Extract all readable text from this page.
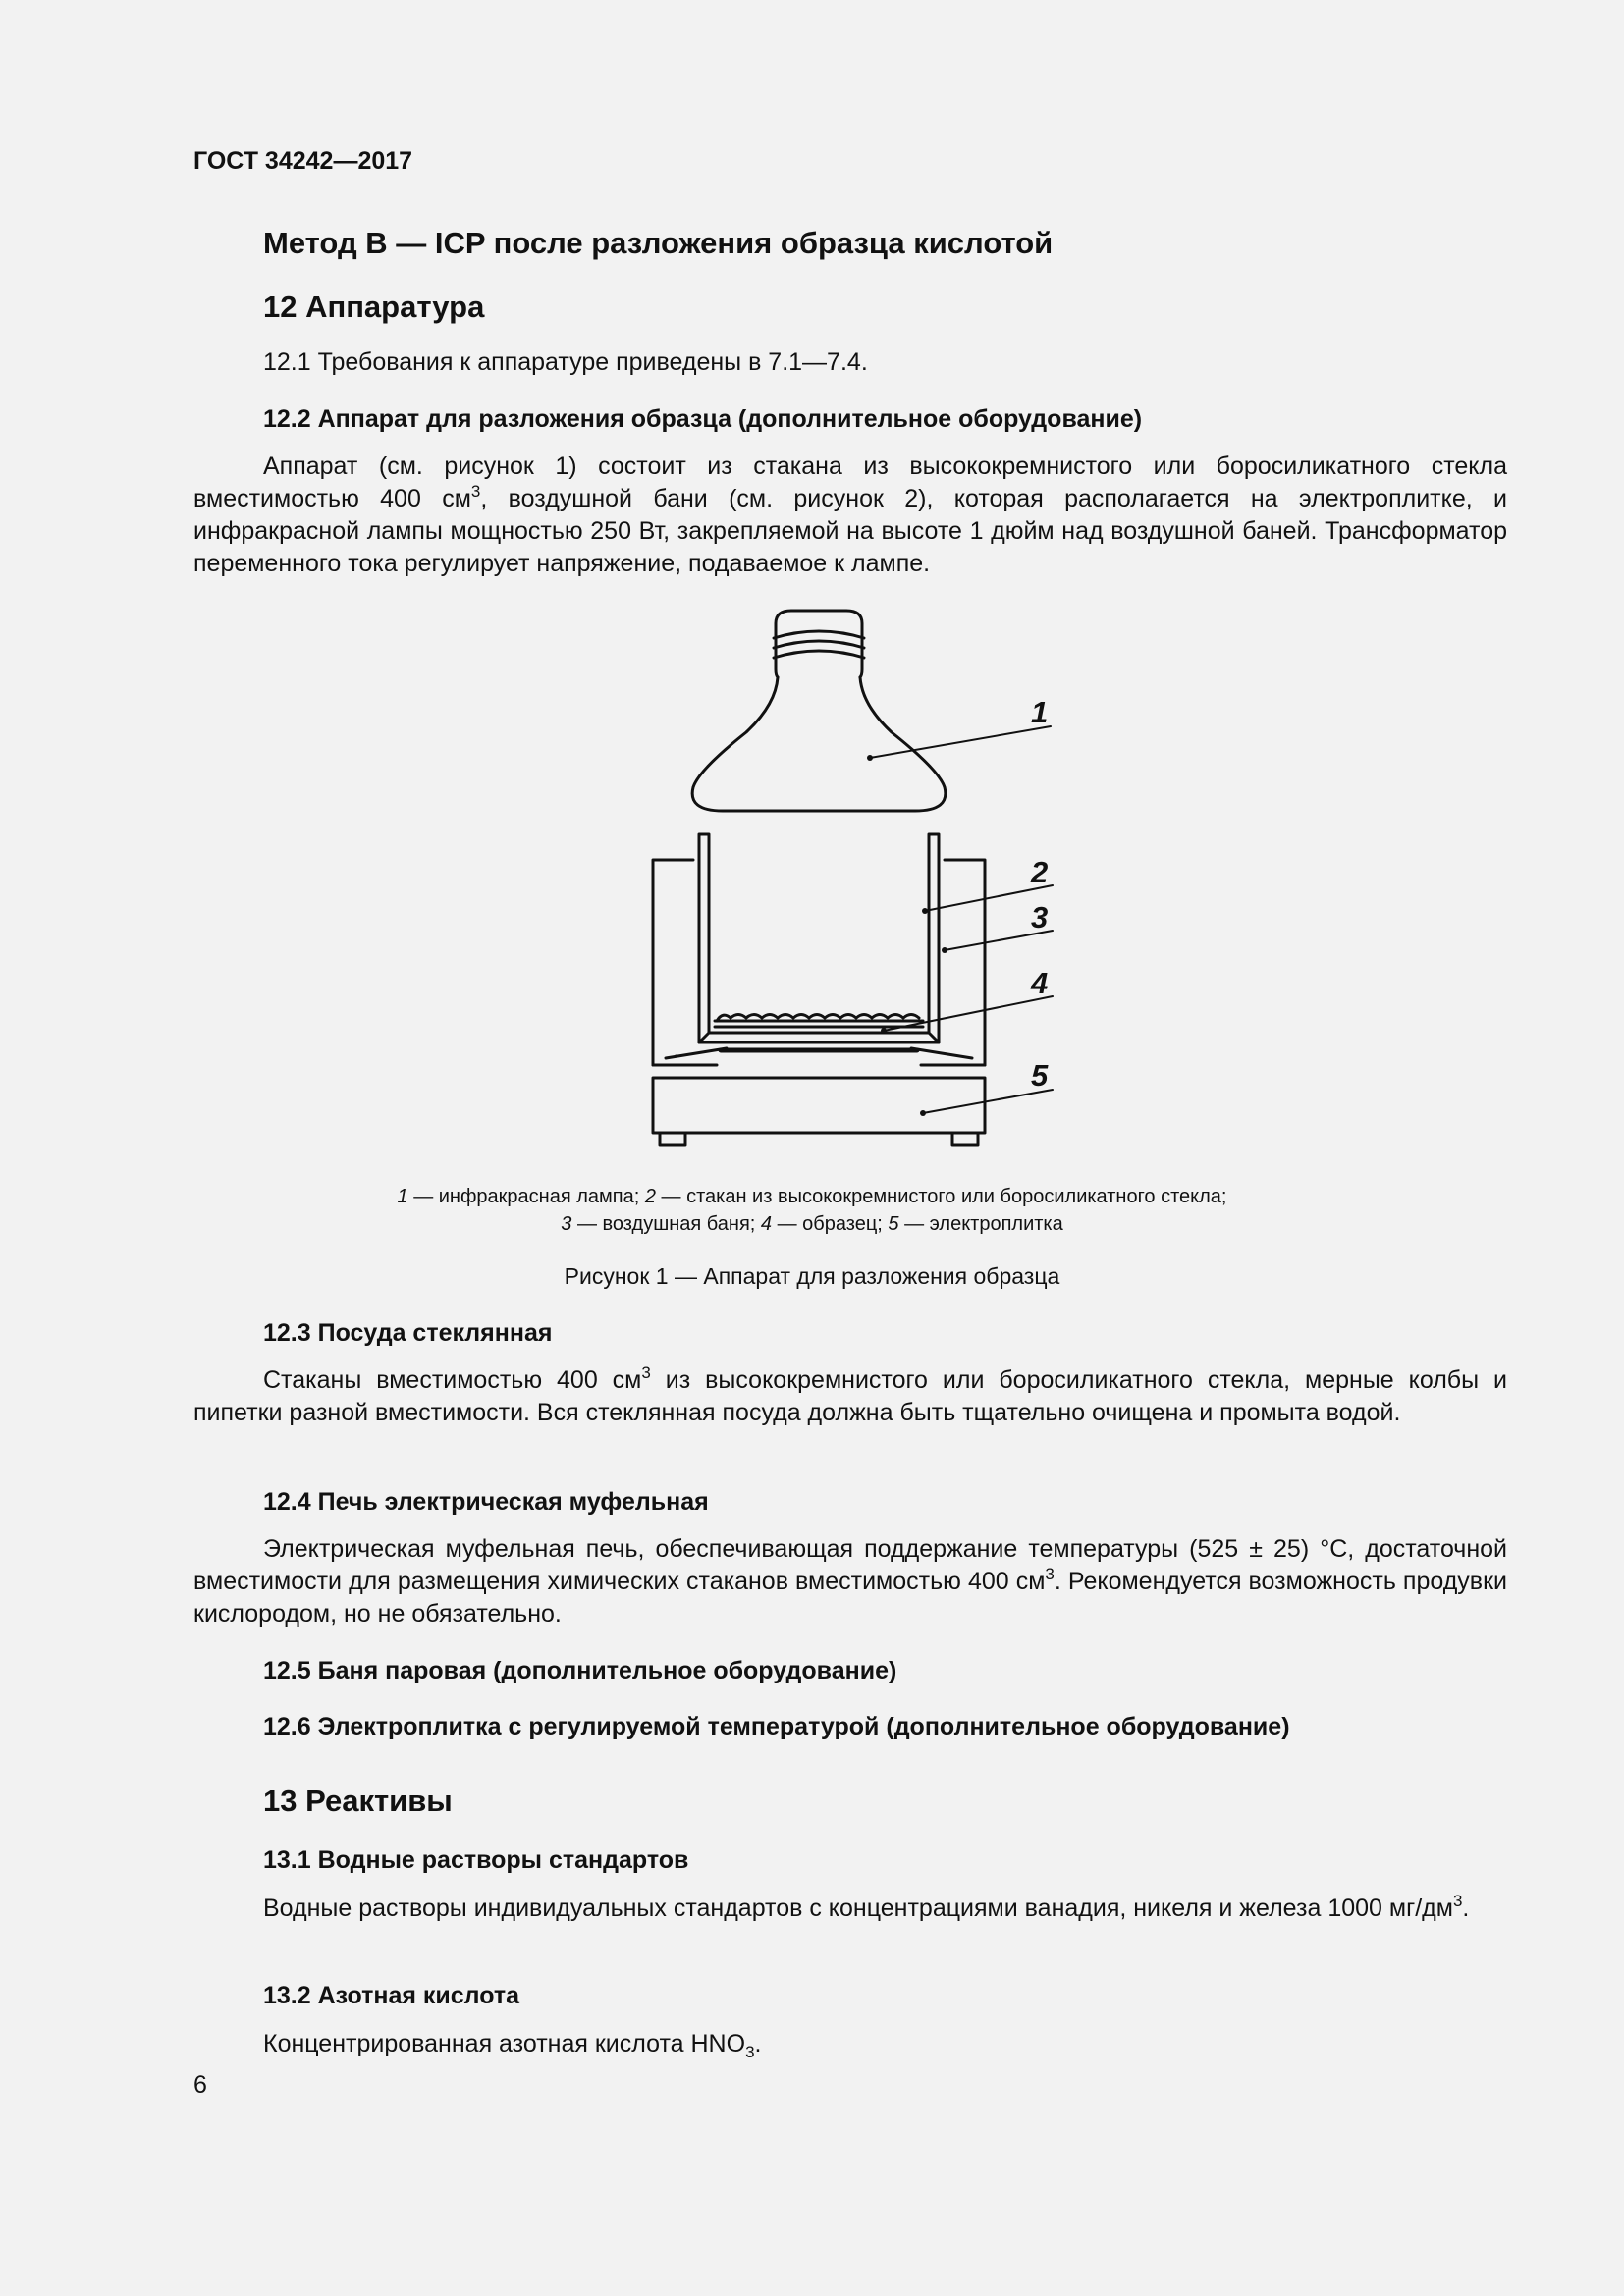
ГОСТ 34242—2017
Метод В — ICP после разложения образца кислотой
12 Аппаратура
12.1 Требования к аппаратуре приведены в 7.1—7.4.
12.2 Аппарат для разложения образца (дополнительное оборудование)
Аппарат (см. рисунок 1) состоит из стакана из высококремнистого или боросиликатного стекла вместимостью 400 $см^3$, воздушной бани (см. рисунок 2), которая располагается на электроплитке, и инфракрасной лампы мощностью 250 Вт, закрепляемой на высоте 1 дюйм над воздушной баней. Трансформатор переменного тока регулирует напряжение, подаваемое к лампе.
1
2
3
4
5
1 — инфракрасная лампа; 2 — стакан из высококремнистого или боросиликатного стекла;
3 — воздушная баня; 4 — образец; 5 — электроплитка
Рисунок 1 — Аппарат для разложения образца
12.3 Посуда стеклянная
Стаканы вместимостью 400 $см^3$ из высококремнистого или боросиликатного стекла, мерные колбы и пипетки разной вместимости. Вся стеклянная посуда должна быть тщательно очищена и промыта водой.
12.4 Печь электрическая муфельная
Электрическая муфельная печь, обеспечивающая поддержание температуры (525 ± 25) °С, достаточной вместимости для размещения химических стаканов вместимостью 400 $см^3$. Рекомендуется возможность продувки кислородом, но не обязательно.
12.5 Баня паровая (дополнительное оборудование)
12.6 Электроплитка с регулируемой температурой (дополнительное оборудование)
13 Реактивы
13.1 Водные растворы стандартов
Водные растворы индивидуальных стандартов с концентрациями ванадия, никеля и железа 1000 $мг/дм^3$.
13.2 Азотная кислота
Концентрированная азотная кислота $HNO_3$.
6
